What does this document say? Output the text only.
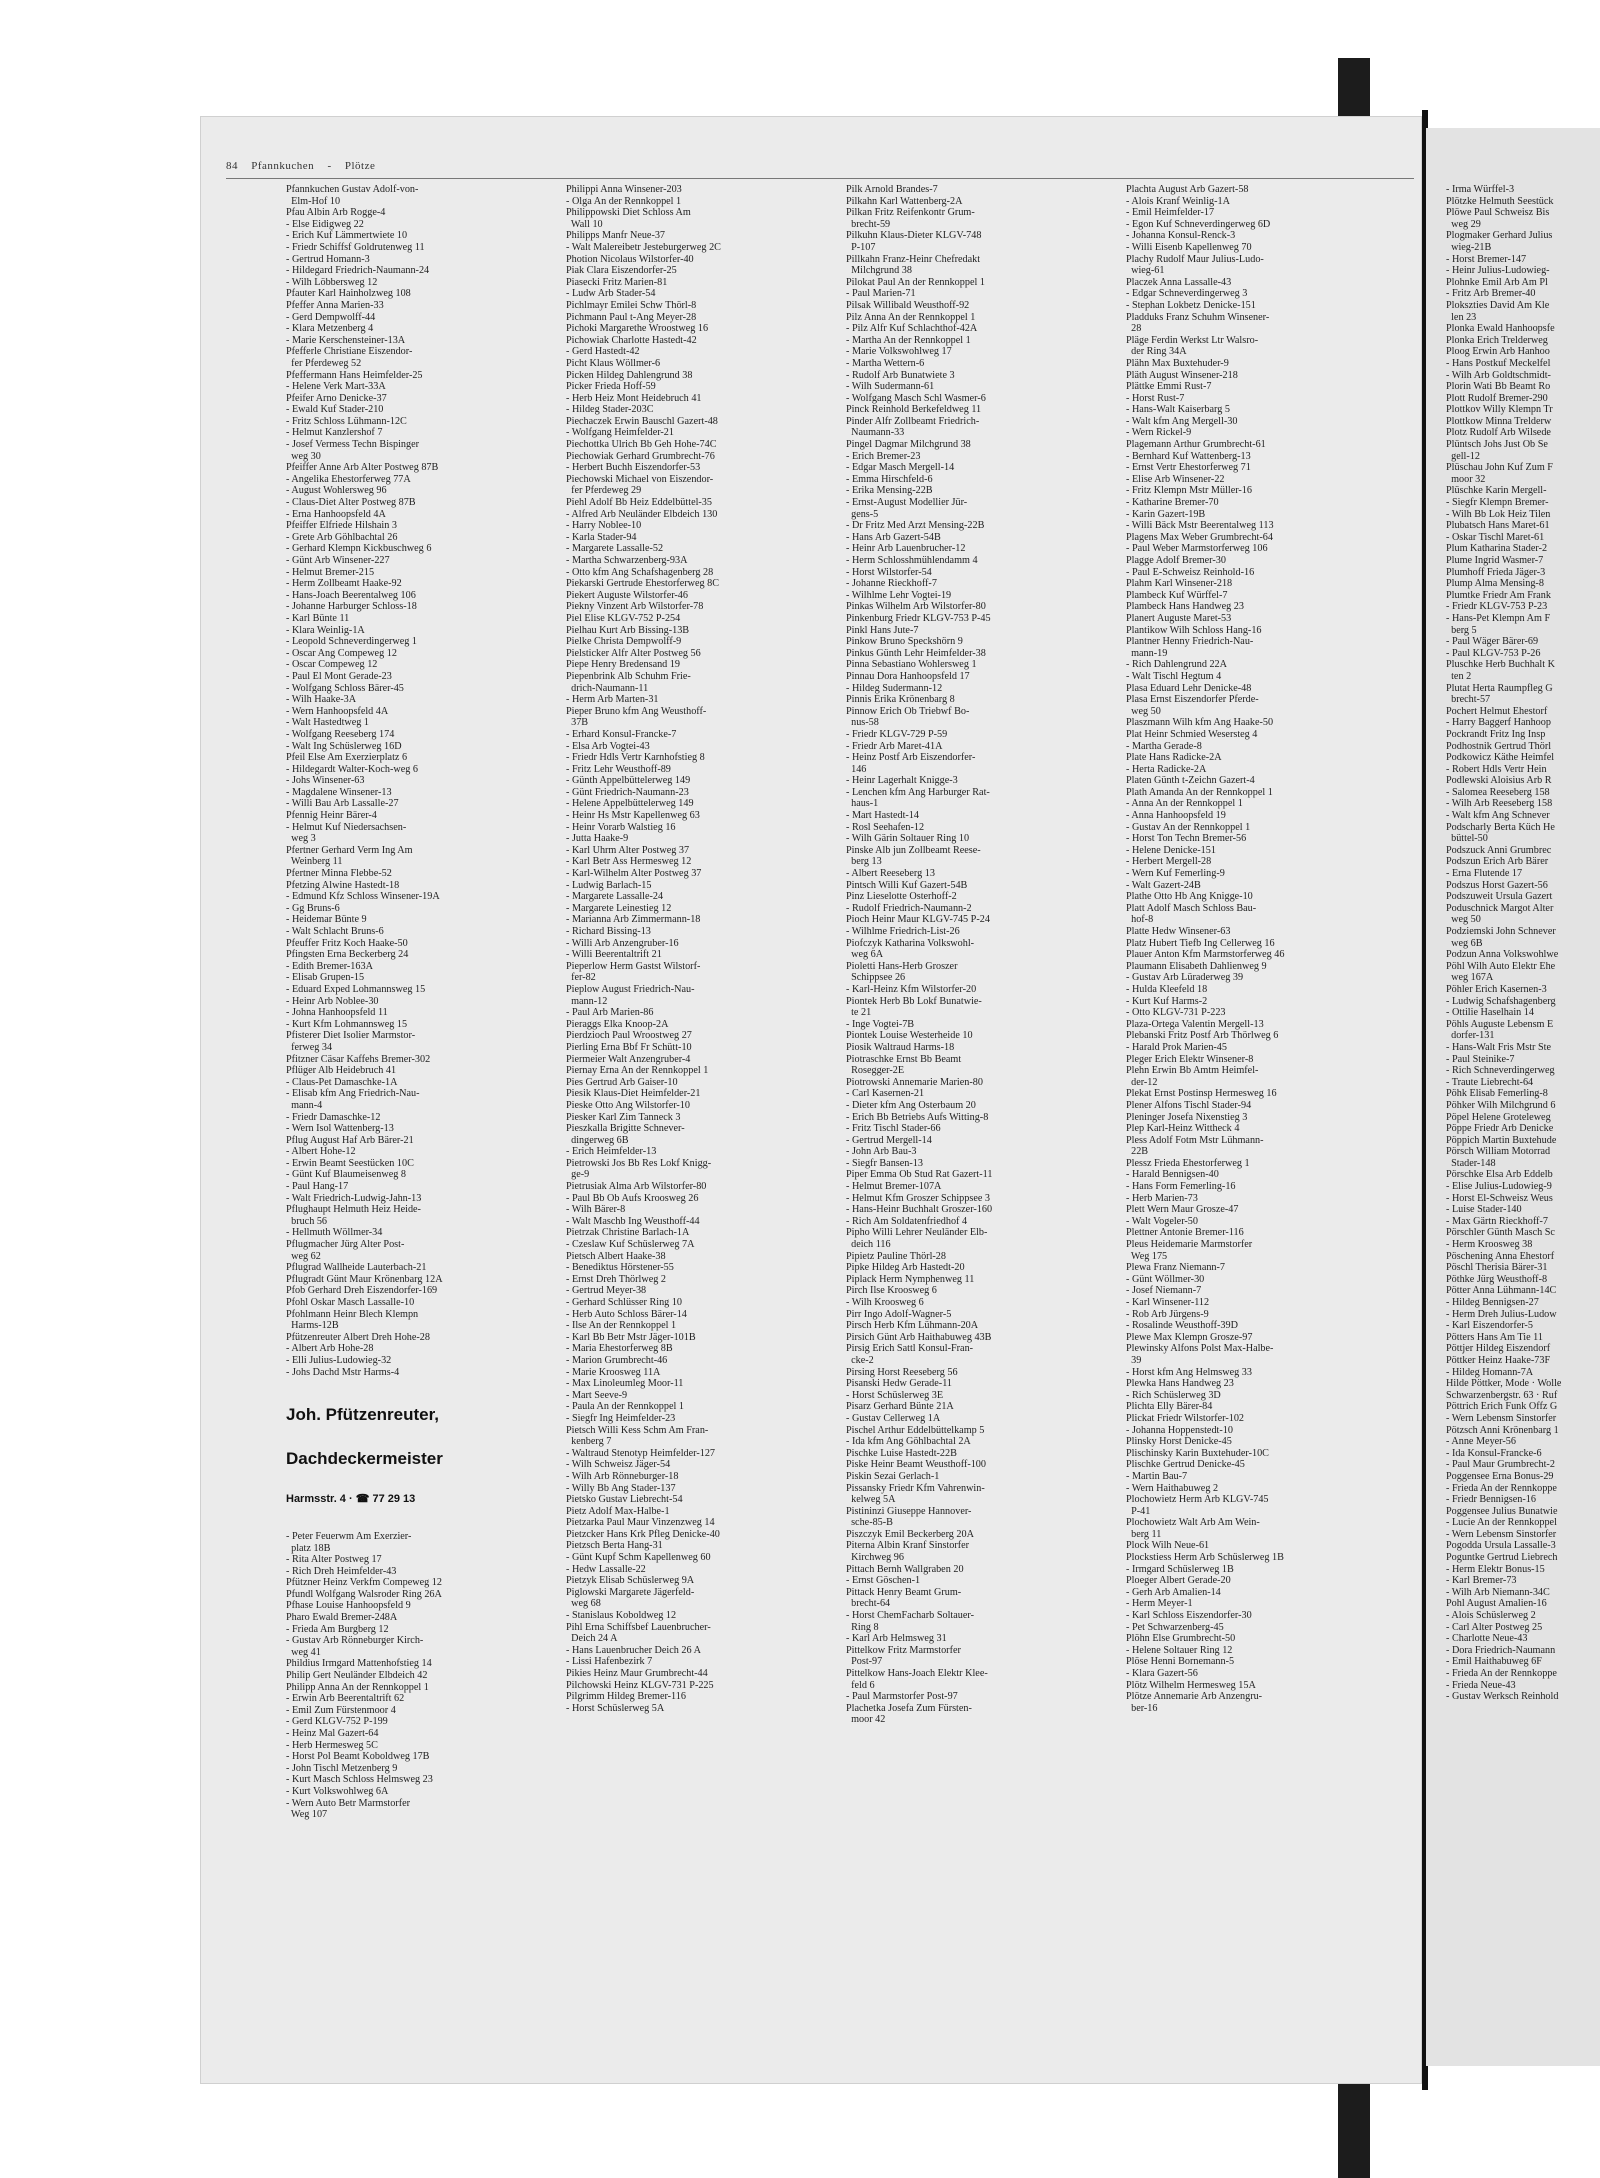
84 Pfannkuchen - Plötze
Pfannkuchen Gustav Adolf-von-
Elm-Hof 10
Pfau Albin Arb Rogge-4
- Else Eidigweg 22
- Erich Kuf Lämmertwiete 10
- Friedr Schiffsf Goldrutenweg 11
- Gertrud Homann-3
- Hildegard Friedrich-Naumann-24
- Wilh Löbbersweg 12
Pfauter Karl Hainholzweg 108
Pfeffer Anna Marien-33
- Gerd Dempwolff-44
- Klara Metzenberg 4
- Marie Kerschensteiner-13A
Pfefferle Christiane Eiszendor-
fer Pferdeweg 52
Pfeffermann Hans Heimfelder-25
- Helene Verk Mart-33A
Pfeifer Arno Denicke-37
- Ewald Kuf Stader-210
- Fritz Schloss Lühmann-12C
- Helmut Kanzlershof 7
- Josef Vermess Techn Bispinger
weg 30
Pfeiffer Anne Arb Alter Postweg 87B
- Angelika Ehestorferweg 77A
- August Wohlersweg 96
- Claus-Diet Alter Postweg 87B
- Erna Hanhoopsfeld 4A
Pfeiffer Elfriede Hilshain 3
- Grete Arb Göhlbachtal 26
- Gerhard Klempn Kickbuschweg 6
- Günt Arb Winsener-227
- Helmut Bremer-215
- Herm Zollbeamt Haake-92
- Hans-Joach Beerentalweg 106
- Johanne Harburger Schloss-18
- Karl Bünte 11
- Klara Weinlig-1A
- Leopold Schneverdingerweg 1
- Oscar Ang Compeweg 12
- Oscar Compeweg 12
- Paul El Mont Gerade-23
- Wolfgang Schloss Bärer-45
- Wilh Haake-3A
- Wern Hanhoopsfeld 4A
- Walt Hastedtweg 1
- Wolfgang Reeseberg 174
- Walt Ing Schüslerweg 16D
Pfeil Else Am Exerzierplatz 6
- Hildegardt Walter-Koch-weg 6
- Johs Winsener-63
- Magdalene Winsener-13
- Willi Bau Arb Lassalle-27
Pfennig Heinr Bärer-4
- Helmut Kuf Niedersachsen-
weg 3
Pfertner Gerhard Verm Ing Am
Weinberg 11
Pfertner Minna Flebbe-52
Pfetzing Alwine Hastedt-18
- Edmund Kfz Schloss Winsener-19A
- Gg Bruns-6
- Heidemar Bünte 9
- Walt Schlacht Bruns-6
Pfeuffer Fritz Koch Haake-50
Pfingsten Erna Beckerberg 24
- Edith Bremer-163A
- Elisab Grupen-15
- Eduard Exped Lohmannsweg 15
- Heinr Arb Noblee-30
- Johna Hanhoopsfeld 11
- Kurt Kfm Lohmannsweg 15
Pfisterer Diet Isolier Marmstor-
ferweg 34
Pfitzner Cäsar Kaffehs Bremer-302
Pflüger Alb Heidebruch 41
- Claus-Pet Damaschke-1A
- Elisab kfm Ang Friedrich-Nau-
mann-4
- Friedr Damaschke-12
- Wern Isol Wattenberg-13
Pflug August Haf Arb Bärer-21
- Albert Hohe-12
- Erwin Beamt Seestücken 10C
- Günt Kuf Blaumeisenweg 8
- Paul Hang-17
- Walt Friedrich-Ludwig-Jahn-13
Pflughaupt Helmuth Heiz Heide-
bruch 56
- Hellmuth Wöllmer-34
Pflugmacher Jürg Alter Post-
weg 62
Pflugrad Wallheide Lauterbach-21
Pflugradt Günt Maur Krönenbarg 12A
Pfob Gerhard Dreh Eiszendorfer-169
Pfohl Oskar Masch Lassalle-10
Pfohlmann Heinr Blech Klempn
Harms-12B
Pfützenreuter Albert Dreh Hohe-28
- Albert Arb Hohe-28
- Elli Julius-Ludowieg-32
- Johs Dachd Mstr Harms-4

Joh. Pfützenreuter,

Dachdeckermeister

Harmsstr. 4 · ☎ 77 29 13

- Peter Feuerwm Am Exerzier-
platz 18B
- Rita Alter Postweg 17
- Rich Dreh Heimfelder-43
Pfützner Heinz Verkfm Compeweg 12
Pfundl Wolfgang Walsroder Ring 26A
Pfhase Louise Hanhoopsfeld 9
Pharo Ewald Bremer-248A
- Frieda Am Burgberg 12
- Gustav Arb Rönneburger Kirch-
weg 41
Phildius Irmgard Mattenhofstieg 14
Philip Gert Neuländer Elbdeich 42
Philipp Anna An der Rennkoppel 1
- Erwin Arb Beerentaltrift 62
- Emil Zum Fürstenmoor 4
- Gerd KLGV-752 P-199
- Heinz Mal Gazert-64
- Herb Hermesweg 5C
- Horst Pol Beamt Koboldweg 17B
- John Tischl Metzenberg 9
- Kurt Masch Schloss Helmsweg 23
- Kurt Volkswohlweg 6A
- Wern Auto Betr Marmstorfer
Weg 107
Philippi Anna Winsener-203
- Olga An der Rennkoppel 1
Philippowski Diet Schloss Am
Wall 10
Philipps Manfr Neue-37
- Walt Malereibetr Jesteburgerweg 2C
Photion Nicolaus Wilstorfer-40
Piak Clara Eiszendorfer-25
Piasecki Fritz Marien-81
- Ludw Arb Stader-54
Pichlmayr Emilei Schw Thörl-8
Pichmann Paul t-Ang Meyer-28
Pichoki Margarethe Wroostweg 16
Pichowiak Charlotte Hastedt-42
- Gerd Hastedt-42
Picht Klaus Wöllmer-6
Picken Hildeg Dahlengrund 38
Picker Frieda Hoff-59
- Herb Heiz Mont Heidebruch 41
- Hildeg Stader-203C
Piechaczek Erwin Bauschl Gazert-48
- Wolfgang Heimfelder-21
Piechottka Ulrich Bb Geh Hohe-74C
Piechowiak Gerhard Grumbrecht-76
- Herbert Buchh Eiszendorfer-53
Piechowski Michael von Eiszendor-
fer Pferdeweg 29
Piehl Adolf Bb Heiz Eddelbüttel-35
- Alfred Arb Neuländer Elbdeich 130
- Harry Noblee-10
- Karla Stader-94
- Margarete Lassalle-52
- Martha Schwarzenberg-93A
- Otto kfm Ang Schafshagenberg 28
Piekarski Gertrude Ehestorferweg 8C
Piekert Auguste Wilstorfer-46
Piekny Vinzent Arb Wilstorfer-78
Piel Elise KLGV-752 P-254
Pielhau Kurt Arb Bissing-13B
Pielke Christa Dempwolff-9
Pielsticker Alfr Alter Postweg 56
Piepe Henry Bredensand 19
Piepenbrink Alb Schuhm Frie-
drich-Naumann-11
- Herm Arb Marten-31
Pieper Bruno kfm Ang Weusthoff-
37B
- Erhard Konsul-Francke-7
- Elsa Arb Vogtei-43
- Friedr Hdls Vertr Karnhofstieg 8
- Fritz Lehr Weusthoff-89
- Günth Appelbüttelerweg 149
- Günt Friedrich-Naumann-23
- Helene Appelbüttelerweg 149
- Heinr Hs Mstr Kapellenweg 63
- Heinr Vorarb Walstieg 16
- Jutta Haake-9
- Karl Uhrm Alter Postweg 37
- Karl Betr Ass Hermesweg 12
- Karl-Wilhelm Alter Postweg 37
- Ludwig Barlach-15
- Margarete Lassalle-24
- Margarete Leinestieg 12
- Marianna Arb Zimmermann-18
- Richard Bissing-13
- Willi Arb Anzengruber-16
- Willi Beerentaltrift 21
Pieperlow Herm Gastst Wilstorf-
fer-82
Pieplow August Friedrich-Nau-
mann-12
- Paul Arb Marien-86
Pieraggs Elka Knoop-2A
Pierdzioch Paul Wroostweg 27
Pierling Erna Bbf Fr Schütt-10
Piermeier Walt Anzengruber-4
Piernay Erna An der Rennkoppel 1
Pies Gertrud Arb Gaiser-10
Piesik Klaus-Diet Heimfelder-21
Pieske Otto Ang Wilstorfer-10
Piesker Karl Zim Tanneck 3
Pieszkalla Brigitte Schnever-
dingerweg 6B
- Erich Heimfelder-13
Pietrowski Jos Bb Res Lokf Knigg-
ge-9
Pietrusiak Alma Arb Wilstorfer-80
- Paul Bb Ob Aufs Kroosweg 26
- Wilh Bärer-8
- Walt Maschb Ing Weusthoff-44
Pietrzak Christine Barlach-1A
- Czeslaw Kuf Schüslerweg 7A
Pietsch Albert Haake-38
- Benediktus Hörstener-55
- Ernst Dreh Thörlweg 2
- Gertrud Meyer-38
- Gerhard Schlüsser Ring 10
- Herb Auto Schloss Bärer-14
- Ilse An der Rennkoppel 1
- Karl Bb Betr Mstr Jäger-101B
- Maria Ehestorferweg 8B
- Marion Grumbrecht-46
- Marie Kroosweg 11A
- Max Linoleumleg Moor-11
- Mart Seeve-9
- Paula An der Rennkoppel 1
- Siegfr Ing Heimfelder-23
Pietsch Willi Kess Schm Am Fran-
kenberg 7
- Waltraud Stenotyp Heimfelder-127
- Wilh Schweisz Jäger-54
- Wilh Arb Rönneburger-18
- Willy Bb Ang Stader-137
Pietsko Gustav Liebrecht-54
Pietz Adolf Max-Halbe-1
Pietzarka Paul Maur Vinzenzweg 14
Pietzcker Hans Krk Pfleg Denicke-40
Pietzsch Berta Hang-31
- Günt Kupf Schm Kapellenweg 60
- Hedw Lassalle-22
Pietzyk Elisab Schüslerweg 9A
Piglowski Margarete Jägerfeld-
weg 68
- Stanislaus Koboldweg 12
Pihl Erna Schiffsbef Lauenbrucher-
Deich 24 A
- Hans Lauenbrucher Deich 26 A
- Lissi Hafenbezirk 7
Pikies Heinz Maur Grumbrecht-44
Pilchowski Heinz KLGV-731 P-225
Pilgrimm Hildeg Bremer-116
- Horst Schüslerweg 5A
Pilk Arnold Brandes-7
Pilkahn Karl Wattenberg-2A
Pilkan Fritz Reifenkontr Grum-
brecht-59
Pilkuhn Klaus-Dieter KLGV-748
P-107
Pillkahn Franz-Heinr Chefredakt
Milchgrund 38
Pilokat Paul An der Rennkoppel 1
- Paul Marien-71
Pilsak Willibald Weusthoff-92
Pilz Anna An der Rennkoppel 1
- Pilz Alfr Kuf Schlachthof-42A
- Martha An der Rennkoppel 1
- Marie Volkswohlweg 17
- Martha Wettern-6
- Rudolf Arb Bunatwiete 3
- Wilh Sudermann-61
- Wolfgang Masch Schl Wasmer-6
Pinck Reinhold Berkefeldweg 11
Pinder Alfr Zollbeamt Friedrich-
Naumann-33
Pingel Dagmar Milchgrund 38
- Erich Bremer-23
- Edgar Masch Mergell-14
- Emma Hirschfeld-6
- Erika Mensing-22B
- Ernst-August Modellier Jür-
gens-5
- Dr Fritz Med Arzt Mensing-22B
- Hans Arb Gazert-54B
- Heinr Arb Lauenbrucher-12
- Herm Schlosshmühlendamm 4
- Horst Wilstorfer-54
- Johanne Rieckhoff-7
- Wilhlme Lehr Vogtei-19
Pinkas Wilhelm Arb Wilstorfer-80
Pinkenburg Friedr KLGV-753 P-45
Pinkl Hans Jute-7
Pinkow Bruno Speckshörn 9
Pinkus Günth Lehr Heimfelder-38
Pinna Sebastiano Wohlersweg 1
Pinnau Dora Hanhoopsfeld 17
- Hildeg Sudermann-12
Pinnis Erika Krönenbarg 8
Pinnow Erich Ob Triebwf Bo-
nus-58
- Friedr KLGV-729 P-59
- Friedr Arb Maret-41A
- Heinz Postf Arb Eiszendorfer-
146
- Heinr Lagerhalt Knigge-3
- Lenchen kfm Ang Harburger Rat-
haus-1
- Mart Hastedt-14
- Rosl Seehafen-12
- Wilh Gärin Soltauer Ring 10
Pinske Alb jun Zollbeamt Reese-
berg 13
- Albert Reeseberg 13
Pintsch Willi Kuf Gazert-54B
Pinz Lieselotte Osterhoff-2
- Rudolf Friedrich-Naumann-2
Pioch Heinr Maur KLGV-745 P-24
- Wilhlme Friedrich-List-26
Piofczyk Katharina Volkswohl-
weg 6A
Pioletti Hans-Herb Groszer
Schippsee 26
- Karl-Heinz Kfm Wilstorfer-20
Piontek Herb Bb Lokf Bunatwie-
te 21
- Inge Vogtei-7B
Piontek Louise Westerheide 10
Piosik Waltraud Harms-18
Piotraschke Ernst Bb Beamt
Rosegger-2E
Piotrowski Annemarie Marien-80
- Carl Kasernen-21
- Dieter kfm Ang Osterbaum 20
- Erich Bb Betriebs Aufs Witting-8
- Fritz Tischl Stader-66
- Gertrud Mergell-14
- John Arb Bau-3
- Siegfr Bansen-13
Piper Emma Ob Stud Rat Gazert-11
- Helmut Bremer-107A
- Helmut Kfm Groszer Schippsee 3
- Hans-Heinr Buchhalt Groszer-160
- Rich Am Soldatenfriedhof 4
Pipho Willi Lehrer Neuländer Elb-
deich 116
Pipietz Pauline Thörl-28
Pipke Hildeg Arb Hastedt-20
Piplack Herm Nymphenweg 11
Pirch Ilse Kroosweg 6
- Wilh Kroosweg 6
Pirr Ingo Adolf-Wagner-5
Pirsch Herb Kfm Lühmann-20A
Pirsich Günt Arb Haithabuweg 43B
Pirsig Erich Sattl Konsul-Fran-
cke-2
Pirsing Horst Reeseberg 56
Pisanski Hedw Gerade-11
- Horst Schüslerweg 3E
Pisarz Gerhard Bünte 21A
- Gustav Cellerweg 1A
Pischel Arthur Eddelbüttelkamp 5
- Ida kfm Ang Göhlbachtal 2A
Pischke Luise Hastedt-22B
Piske Heinr Beamt Weusthoff-100
Piskin Sezai Gerlach-1
Pissansky Friedr Kfm Vahrenwin-
kelweg 5A
Pistininzi Giuseppe Hannover-
sche-85-B
Piszczyk Emil Beckerberg 20A
Piterna Albin Kranf Sinstorfer
Kirchweg 96
Pittach Bernh Wallgraben 20
- Ernst Göschen-1
Pittack Henry Beamt Grum-
brecht-64
- Horst ChemFacharb Soltauer-
Ring 8
- Karl Arb Helmsweg 31
Pittelkow Fritz Marmstorfer
Post-97
Pittelkow Hans-Joach Elektr Klee-
feld 6
- Paul Marmstorfer Post-97
Plachetka Josefa Zum Fürsten-
moor 42
Plachta August Arb Gazert-58
- Alois Kranf Weinlig-1A
- Emil Heimfelder-17
- Egon Kuf Schneverdingerweg 6D
- Johanna Konsul-Renck-3
- Willi Eisenb Kapellenweg 70
Plachy Rudolf Maur Julius-Ludo-
wieg-61
Placzek Anna Lassalle-43
- Edgar Schneverdingerweg 3
- Stephan Lokbetz Denicke-151
Pladduks Franz Schuhm Winsener-
28
Pläge Ferdin Werkst Ltr Walsro-
der Ring 34A
Plähn Max Buxtehuder-9
Pläth August Winsener-218
Plättke Emmi Rust-7
- Horst Rust-7
- Hans-Walt Kaiserbarg 5
- Walt kfm Ang Mergell-30
- Wern Rickel-9
Plagemann Arthur Grumbrecht-61
- Bernhard Kuf Wattenberg-13
- Ernst Vertr Ehestorferweg 71
- Elise Arb Winsener-22
- Fritz Klempn Mstr Müller-16
- Katharine Bremer-70
- Karin Gazert-19B
- Willi Bäck Mstr Beerentalweg 113
Plagens Max Weber Grumbrecht-64
- Paul Weber Marmstorferweg 106
Plagge Adolf Bremer-30
- Paul E-Schweisz Reinhold-16
Plahm Karl Winsener-218
Plambeck Kuf Würffel-7
Plambeck Hans Handweg 23
Planert Auguste Maret-53
Plantikow Wilh Schloss Hang-16
Plantner Henny Friedrich-Nau-
mann-19
- Rich Dahlengrund 22A
- Walt Tischl Hegtum 4
Plasa Eduard Lehr Denicke-48
Plasa Ernst Eiszendorfer Pferde-
weg 50
Plaszmann Wilh kfm Ang Haake-50
Plat Heinr Schmied Wesersteg 4
- Martha Gerade-8
Plate Hans Radicke-2A
- Herta Radicke-2A
Platen Günth t-Zeichn Gazert-4
Plath Amanda An der Rennkoppel 1
- Anna An der Rennkoppel 1
- Anna Hanhoopsfeld 19
- Gustav An der Rennkoppel 1
- Horst Ton Techn Bremer-56
- Helene Denicke-151
- Herbert Mergell-28
- Wern Kuf Femerling-9
- Walt Gazert-24B
Plathe Otto Hb Ang Knigge-10
Platt Adolf Masch Schloss Bau-
hof-8
Platte Hedw Winsener-63
Platz Hubert Tiefb Ing Cellerweg 16
Plauer Anton Kfm Marmstorferweg 46
Plaumann Elisabeth Dahlienweg 9
- Gustav Arb Lüraderweg 39
- Hulda Kleefeld 18
- Kurt Kuf Harms-2
- Otto KLGV-731 P-223
Plaza-Ortega Valentin Mergell-13
Plebanski Fritz Postf Arb Thörlweg 6
- Harald Prok Marien-45
Pleger Erich Elektr Winsener-8
Plehn Erwin Bb Amtm Heimfel-
der-12
Plekat Ernst Postinsp Hermesweg 16
Plener Alfons Tischl Stader-94
Pleninger Josefa Nixenstieg 3
Plep Karl-Heinz Wittheck 4
Pless Adolf Fotm Mstr Lühmann-
22B
Plessz Frieda Ehestorferweg 1
- Harald Bennigsen-40
- Hans Form Femerling-16
- Herb Marien-73
Plett Wern Maur Grosze-47
- Walt Vogeler-50
Plettner Antonie Bremer-116
Pleus Heidemarie Marmstorfer
Weg 175
Plewa Franz Niemann-7
- Günt Wöllmer-30
- Josef Niemann-7
- Karl Winsener-112
- Rob Arb Jürgens-9
- Rosalinde Weusthoff-39D
Plewe Max Klempn Grosze-97
Plewinsky Alfons Polst Max-Halbe-
39
- Horst kfm Ang Helmsweg 33
Plewka Hans Handweg 23
- Rich Schüslerweg 3D
Plichta Elly Bärer-84
Plickat Friedr Wilstorfer-102
- Johanna Hoppenstedt-10
Plinsky Horst Denicke-45
Plischinsky Karin Buxtehuder-10C
Plischke Gertrud Denicke-45
- Martin Bau-7
- Wern Haithabuweg 2
Plochowietz Herm Arb KLGV-745
P-41
Plochowietz Walt Arb Am Wein-
berg 11
Plock Wilh Neue-61
Plockstiess Herm Arb Schüslerweg 1B
- Irmgard Schüslerweg 1B
Ploeger Albert Gerade-20
- Gerh Arb Amalien-14
- Herm Meyer-1
- Karl Schloss Eiszendorfer-30
- Pet Schwarzenberg-45
Plöhn Else Grumbrecht-50
- Helene Soltauer Ring 12
Plöse Henni Bornemann-5
- Klara Gazert-56
Plötz Wilhelm Hermesweg 15A
Plötze Annemarie Arb Anzengru-
ber-16
- Irma Würffel-3
Plötzke Helmuth Seestück
Plöwe Paul Schweisz Bis
weg 29
Plogmaker Gerhard Julius
wieg-21B
- Horst Bremer-147
- Heinr Julius-Ludowieg-
Plohnke Emil Arb Am Pl
- Fritz Arb Bremer-40
Plokszties David Am Kle
len 23
Plonka Ewald Hanhoopsfe
Plonka Erich Trelderweg
Ploog Erwin Arb Hanhoo
- Hans Postkuf Meckelfel
- Wilh Arb Goldtschmidt-
Plorin Wati Bb Beamt Ro
Plott Rudolf Bremer-290
Plottkov Willy Klempn Tr
Plottkow Minna Trelderw
Plotz Rudolf Arb Wilsede
Plüntsch Johs Just Ob Se
gell-12
Plüschau John Kuf Zum F
moor 32
Plüschke Karin Mergell-
- Siegfr Klempn Bremer-
- Wilh Bb Lok Heiz Tilen
Plubatsch Hans Maret-61
- Oskar Tischl Maret-61
Plum Katharina Stader-2
Plume Ingrid Wasmer-7
Plumhoff Frieda Jäger-3
Plump Alma Mensing-8
Plumtke Friedr Am Frank
- Friedr KLGV-753 P-23
- Hans-Pet Klempn Am F
berg 5
- Paul Wäger Bärer-69
- Paul KLGV-753 P-26
Pluschke Herb Buchhalt K
ten 2
Plutat Herta Raumpfleg G
brecht-57
Pochert Helmut Ehestorf
- Harry Baggerf Hanhoop
Pockrandt Fritz Ing Insp
Podhostnik Gertrud Thörl
Podkowicz Käthe Heimfel
- Robert Hdls Vertr Hein
Podlewski Aloisius Arb R
- Salomea Reeseberg 158
- Wilh Arb Reeseberg 158
- Walt kfm Ang Schnever
Podscharly Berta Küch He
büttel-50
Podszuck Anni Grumbrec
Podszun Erich Arb Bärer
- Erna Flutende 17
Podszus Horst Gazert-56
Podszuweit Ursula Gazert
Poduschnick Margot Alter
weg 50
Podziemski John Schnever
weg 6B
Podzun Anna Volkswohlwe
Pöhl Wilh Auto Elektr Ehe
weg 167A
Pöhler Erich Kasernen-3
- Ludwig Schafshagenberg
- Ottilie Haselhain 14
Pöhls Auguste Lebensm E
dorfer-131
- Hans-Walt Fris Mstr Ste
- Paul Steinike-7
- Rich Schneverdingerweg
- Traute Liebrecht-64
Pöhk Elisab Femerling-8
Pöhker Wilh Milchgrund 6
Pöpel Helene Groteleweg
Pöppe Friedr Arb Denicke
Pöppich Martin Buxtehude
Pörsch William Motorrad
Stader-148
Pörschke Elsa Arb Eddelb
- Elise Julius-Ludowieg-9
- Horst El-Schweisz Weus
- Luise Stader-140
- Max Gärtn Rieckhoff-7
Pörschler Günth Masch Sc
- Herm Kroosweg 38
Pöschening Anna Ehestorf
Pöschl Therisia Bärer-31
Pöthke Jürg Weusthoff-8
Pötter Anna Lühmann-14C
- Hildeg Bennigsen-27
- Herm Dreh Julius-Ludow
- Karl Eiszendorfer-5
Pötters Hans Am Tie 11
Pöttjer Hildeg Eiszendorf
Pöttker Heinz Haake-73F
- Hildeg Homann-7A
Hilde Pöttker, Mode · Wolle
Schwarzenbergstr. 63 · Ruf
Pöttrich Erich Funk Offz G
- Wern Lebensm Sinstorfer
Pötzsch Anni Krönenbarg 1
- Anne Meyer-56
- Ida Konsul-Francke-6
- Paul Maur Grumbrecht-2
Poggensee Erna Bonus-29
- Frieda An der Rennkoppe
- Friedr Bennigsen-16
Poggensee Julius Bunatwie
- Lucie An der Rennkoppel
- Wern Lebensm Sinstorfer
Pogodda Ursula Lassalle-3
Poguntke Gertrud Liebrech
- Herm Elektr Bonus-15
- Karl Bremer-73
- Wilh Arb Niemann-34C
Pohl August Amalien-16
- Alois Schüslerweg 2
- Carl Alter Postweg 25
- Charlotte Neue-43
- Dora Friedrich-Naumann
- Emil Haithabuweg 6F
- Frieda An der Rennkoppe
- Frieda Neue-43
- Gustav Werksch Reinhold
